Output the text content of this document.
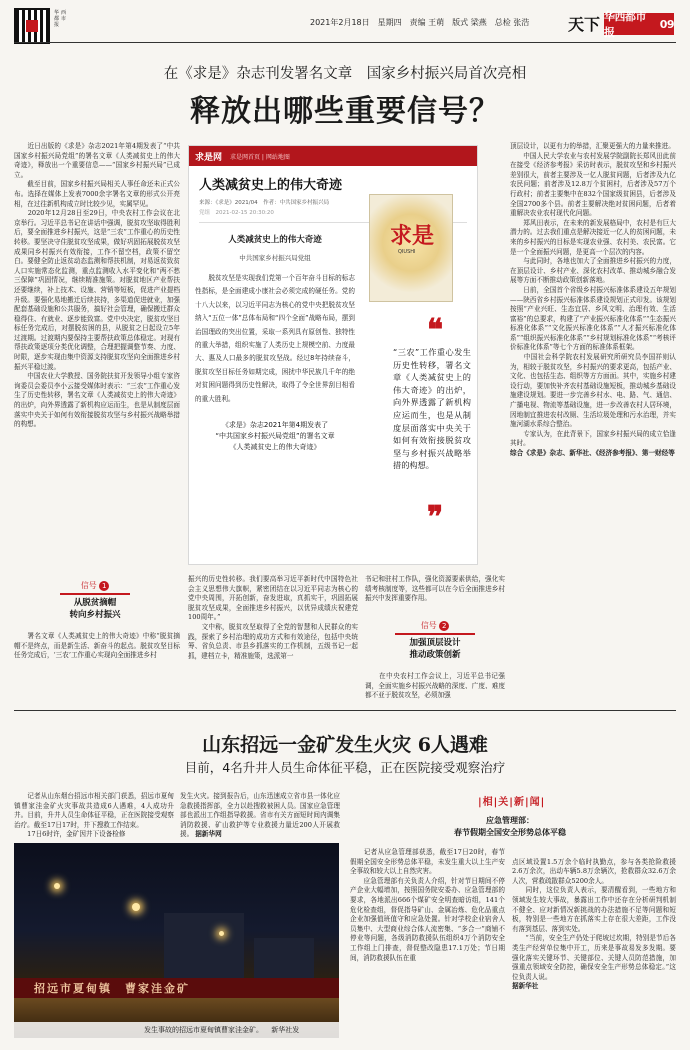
华西都市报	2021年2月18日　星期四　责编 王萌　版式 梁燕　总检 张浩 天下 华西都市报
09
在《求是》杂志刊发署名文章　国家乡村振兴局首次亮相
释放出哪些重要信号？

　　近日出版的《求是》杂志2021年第4期发表了“中共国家乡村振兴局党组”的署名文章《人类减贫史上的伟大奇迹》，释放出一个重要信息——“国家乡村振兴局”已成立。

　　截至目前，国家乡村振兴局相关人事任命还未正式公布。选择在媒体上发表7000余字署名文章的形式公开亮相，在过往新机构成立时比较少见，实属罕见。

　　2020年12月28日至29日，中央农村工作会议在北京举行。习近平总书记在讲话中强调，脱贫攻坚取得胜利后，要全面推进乡村振兴，这是“三农”工作重心的历史性转移。要坚决守住脱贫攻坚成果，做好巩固拓展脱贫攻坚成果同乡村振兴有效衔接，工作不留空档，政策不留空白。要健全防止返贫动态监测和帮扶机制，对易返贫致贫人口实施常态化监测，重点监测收入水平变化和“两不愁三保障”巩固情况，继续精准施策。对脱贫地区产业帮扶还要继续，补上技术、设施、营销等短板，促进产业提档升级。要强化易地搬迁后续扶持，多渠道促进就业，加强配套基础设施和公共服务，搞好社会管理，确保搬迁群众稳得住、有就业、逐步能致富。党中央决定，脱贫攻坚目标任务完成后，对摆脱贫困的县，从脱贫之日起设立5年过渡期。过渡期内要保持主要帮扶政策总体稳定。对现有帮扶政策逐项分类优化调整，合理把握调整节奏、力度、时限，逐步实现由集中资源支持脱贫攻坚向全面推进乡村振兴平稳过渡。

　　中国农业大学教授、国务院扶贫开发领导小组专家咨询委员会委员李小云接受媒体时表示：“三农”工作重心发生了历史性转移，署名文章《人类减贫史上的伟大奇迹》的出炉，向外界透露了新机构应运而生，也是从制度层面落实中央关于如何有效衔接脱贫攻坚与乡村振兴战略举措的构想。

信号 1
从脱贫摘帽
转向乡村振兴

　　署名文章《人类减贫史上的伟大奇迹》中称“脱贫摘帽不是终点，而是新生活、新奋斗的起点。脱贫攻坚目标任务完成后，‘三农’工作重心实现向全面推进乡村

求是网 求是网首页 | 网站地图
人类减贫史上的伟大奇迹
来源：《求是》2021/04　作者：中共国家乡村振兴局
党组　2021-02-15 20:30:20
人类减贫史上的伟大奇迹
中共国家乡村振兴局党组

　　脱贫攻坚是实现我们党第一个百年奋斗目标的标志性指标，是全面建成小康社会必须完成的硬任务。党的十八大以来，以习近平同志为核心的党中央把脱贫攻坚纳入“五位一体”总体布局和“四个全面”战略布局，摆到治国理政的突出位置，采取一系列具有原创性、独特性的重大举措，组织实施了人类历史上规模空前、力度最大、惠及人口最多的脱贫攻坚战。经过8年持续奋斗，脱贫攻坚目标任务如期完成，困扰中华民族几千年的绝对贫困问题得到历史性解决，取得了令全世界刮目相看的重大胜利。

《求是》杂志2021年第4期发表了
“中共国家乡村振兴局党组”的署名文章
《人类减贫史上的伟大奇迹》

求是
QIUSHI
❝
“三农”工作重心发生历史性转移，署名文章《人类减贫史上的伟大奇迹》的出炉，向外界透露了新机构应运而生，也是从制度层面落实中央关于如何有效衔接脱贫攻坚与乡村振兴战略举措的构想。
❞

振兴的历史性转移。我们要高举习近平新时代中国特色社会主义思想伟大旗帜，紧密团结在以习近平同志为核心的党中央周围，开拓创新，奋发进取，真抓实干，巩固拓展脱贫攻坚成果，全面推进乡村振兴，以优异成绩庆祝建党100周年。”
　　文中称，脱贫攻坚取得了全党的智慧和人民群众的实践，探索了乡村治理的成功方式和有效途径，包括中央统筹、省负总责、市县乡抓落实的工作机制，五级书记一起抓，建档立卡，精准施策，选派第一

书记和驻村工作队，强化资源要素供给，强化实绩考核制度等，这些都可以在今后全面推进乡村振兴中发挥重要作用。

信号 2
加强顶层设计
推动政策创新

　　在中央农村工作会议上，习近平总书记强调，全面实施乡村振兴战略的深度、广度、难度都不亚于脱贫攻坚，必须加强

顶层设计，以更有力的举措，汇聚更强大的力量来推进。

　　中国人民大学农业与农村发展学院副院长郑风田此前在接受《经济参考报》采访时表示，脱贫攻坚和乡村振兴差别很大，前者主要涉及一亿人脱贫问题，后者涉及九亿农民问题；前者涉及12.8万个贫困村，后者涉及57万个行政村；前者主要集中在832个国家级贫困县，后者涉及全国2700多个县。前者主要解决绝对贫困问题，后者着重解决农业农村现代化问题。

　　郑风田表示，在未来的新发展格局中，农村是有巨大潜力的。过去我们重点是解决接近一亿人的贫困问题，未来的乡村振兴的目标是实现农业强、农村美、农民富。它是一个全面振兴问题，是更高一个层次的内容。

　　与此同时，各地也加大了全面推进乡村振兴的力度，在顶层设计、乡村产业、深化农村改革、推动城乡融合发展等方面不断推动政策创新落地。

　　日前，全国首个省级乡村振兴标准体系建设五年规划——陕西省乡村振兴标准体系建设规划正式印发。该规划按照“产业兴旺、生态宜居、乡风文明、治理有效、生活富裕”的总要求，构建了“产业振兴标准化体系”“生态振兴标准化体系”“文化振兴标准化体系”“人才振兴标准化体系”“组织振兴标准化体系”“乡村规划标准化体系”“考核评价标准化体系”等七个方面的标准体系框架。

　　中国社会科学院农村发展研究所研究员李国祥则认为，相较于脱贫攻坚，乡村振兴的要求更高，包括产业、文化、也包括生态、组织等方方面面。其中，实施乡村建设行动，要加快补齐农村基础设施短板，推动城乡基础设施建设规划。要进一步完善乡村水、电、路、气、通信、广播电视、物流等基础设施，进一步改善农村人居环境，因地制宜推进农村改厕、生活垃圾处理和污水治理，并实施河湖水系综合整治。

　　专家认为，在此背景下，国家乡村振兴局的成立恰逢其时。

综合《求是》杂志、新华社、《经济参考报》、第一财经等

山东招远一金矿发生火灾 6人遇难
目前，4名升井人员生命体征平稳，正在医院接受观察治疗

　　记者从山东烟台招远市相关部门获悉，招远市夏甸镇曹家洼金矿火灾事故共造成6人遇难，4人成功升井。目前，升井人员生命体征平稳，正在医院接受观察治疗。截至17日17时，井下搜救工作结束。
　　17日6时许，金矿因井下设备检修

发生火灾。接到报告后，山东迅速成立省市县一体化应急救援指挥部，全力以赴搜救被困人员。国家应急管理部也派出工作组指导救援。省市有关方面短时间内调集消防救援、矿山救护等专业救援力量近200人开展救援。 据新华网

招远市夏甸镇　曹家洼金矿
发生事故的招远市夏甸镇曹家洼金矿。 新华社发
|相|关|新|闻|
应急管理部：
春节假期全国安全形势总体平稳

　　记者从应急管理部获悉，截至17日20时，春节假期全国安全形势总体平稳，未发生重大以上生产安全事故和较大以上自然灾害。
　　应急管理部有关负责人介绍，针对节日期间不停产企业大幅增加，按照国务院安委办、应急管理部的要求，各地派出666个煤矿安全明查暗访组，141个危化检查组，督促指导矿山、金属冶炼、危化品重点企业加强值班值守和应急处置。针对学校企业宿舍人员集中、大型商业综合体人流密集、“多合一”商铺不停业等问题，各级消防救援队伍组织4万个消防安全工作组上门排查，督促整改隐患17.1万处；节日期间，消防救援队伍在重

点区域设置1.5万余个临时执勤点，参与各类抢险救援2.6万余次，出动车辆5.8万余辆次，抢救群众32.6万余人次，营救疏散群众5200余人。
　　同时，这位负责人表示，要清醒看到，一些地方和领域发生较大事故，暴露出工作中还存在分析研判机制不健全、应对新情况新挑战的办法措施不足等问题和短板，特别是一些地方在抓落实上存在很大差距，工作没有落到基层、落到实处。
　　“当前，安全生产仍处于爬坡过坎期，特别是节后各类生产经营单位集中开工，历来是事故易发多发期。要强化落实关键环节、关键部位、关键人员防范措施，加强重点领域安全防控，确保安全生产形势总体稳定。”这位负责人说。
据新华社
